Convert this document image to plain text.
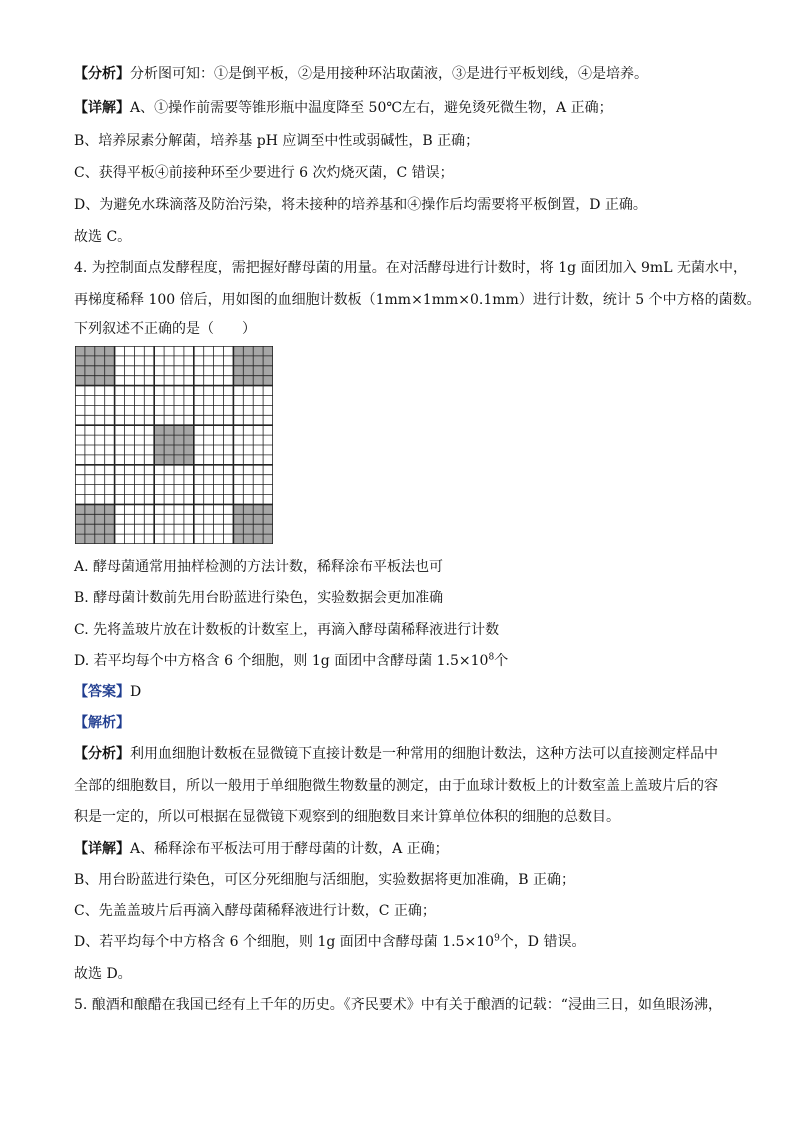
【分析】分析图可知：①是倒平板，②是用接种环沾取菌液，③是进行平板划线，④是培养。
【详解】A、①操作前需要等锥形瓶中温度降至 50℃左右，避免烫死微生物，A 正确；
B、培养尿素分解菌，培养基 pH 应调至中性或弱碱性，B 正确；
C、获得平板④前接种环至少要进行 6 次灼烧灭菌，C 错误；
D、为避免水珠滴落及防治污染，将未接种的培养基和④操作后均需要将平板倒置，D 正确。
故选 C。
4. 为控制面点发酵程度，需把握好酵母菌的用量。在对活酵母进行计数时，将 1g 面团加入 9mL 无菌水中，
再梯度稀释 100 倍后，用如图的血细胞计数板（1mm×1mm×0.1mm）进行计数，统计 5 个中方格的菌数。
下列叙述不正确的是（　　）
A. 酵母菌通常用抽样检测的方法计数，稀释涂布平板法也可
B. 酵母菌计数前先用台盼蓝进行染色，实验数据会更加准确
C. 先将盖玻片放在计数板的计数室上，再滴入酵母菌稀释液进行计数
D. 若平均每个中方格含 6 个细胞，则 1g 面团中含酵母菌 $1.5\times 10^8$个
【答案】D
【解析】
【分析】利用血细胞计数板在显微镜下直接计数是一种常用的细胞计数法，这种方法可以直接测定样品中
全部的细胞数目，所以一般用于单细胞微生物数量的测定，由于血球计数板上的计数室盖上盖玻片后的容
积是一定的，所以可根据在显微镜下观察到的细胞数目来计算单位体积的细胞的总数目。
【详解】A、稀释涂布平板法可用于酵母菌的计数，A 正确；
B、用台盼蓝进行染色，可区分死细胞与活细胞，实验数据将更加准确，B 正确；
C、先盖盖玻片后再滴入酵母菌稀释液进行计数，C 正确；
D、若平均每个中方格含 6 个细胞，则 1g 面团中含酵母菌 $1.5\times 10^9$个，D 错误。
故选 D。
5. 酿酒和酿醋在我国已经有上千年的历史。《齐民要术》中有关于酿酒的记载：“浸曲三日，如鱼眼汤沸，
